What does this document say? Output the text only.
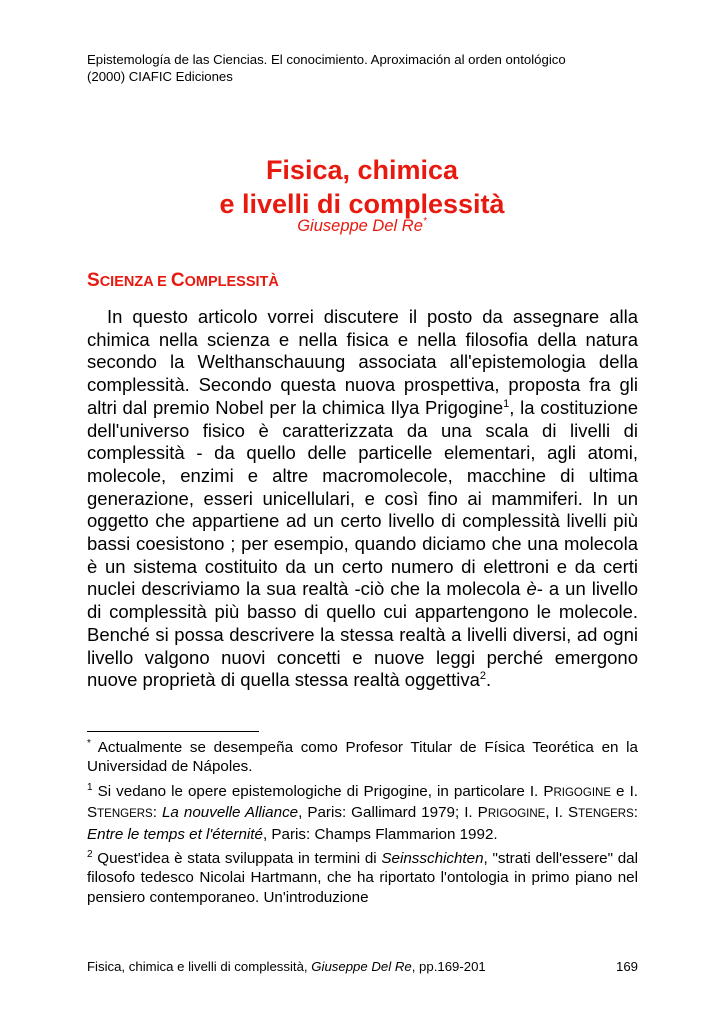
Epistemología de las Ciencias. El conocimiento. Aproximación al orden ontológico
(2000) CIAFIC Ediciones
Fisica, chimica
e livelli di complessità
Giuseppe Del Re*
SCIENZA E COMPLESSITÀ

In questo articolo vorrei discutere il posto da assegnare alla chimica nella scienza e nella fisica e nella filosofia della natura secondo la Welthanschauung associata all'epistemologia della complessità. Secondo questa nuova prospettiva, proposta fra gli altri dal premio Nobel per la chimica Ilya Prigogine$^1$, la costituzione dell'universo fisico è caratterizzata da una scala di livelli di complessità - da quello delle particelle elementari, agli atomi, molecole, enzimi e altre macromolecole, macchine di ultima generazione, esseri unicellulari, e così fino ai mammiferi. In un oggetto che appartiene ad un certo livello di complessità livelli più bassi coesistono ; per esempio, quando diciamo che una molecola è un sistema costituito da un certo numero di elettroni e da certi nuclei descriviamo la sua realtà -ciò che la molecola è- a un livello di complessità più basso di quello cui appartengono le molecole. Benché si possa descrivere la stessa realtà a livelli diversi, ad ogni livello valgono nuovi concetti e nuove leggi perché emergono nuove proprietà di quella stessa realtà oggettiva$^2$.

* Actualmente se desempeña como Profesor Titular de Física Teorética en la Universidad de Nápoles.

$^1$ Si vedano le opere epistemologiche di Prigogine, in particolare I. PRIGOGINE e I. STENGERS: La nouvelle Alliance, Paris: Gallimard 1979; I. PRIGOGINE, I. STENGERS: Entre le temps et l'éternité, Paris: Champs Flammarion 1992.

$^2$ Quest'idea è stata sviluppata in termini di Seinsschichten, "strati dell'essere" dal filosofo tedesco Nicolai Hartmann, che ha riportato l'ontologia in primo piano nel pensiero contemporaneo. Un'introduzione

Fisica, chimica e livelli di complessità, Giuseppe Del Re, pp.169-201	169
